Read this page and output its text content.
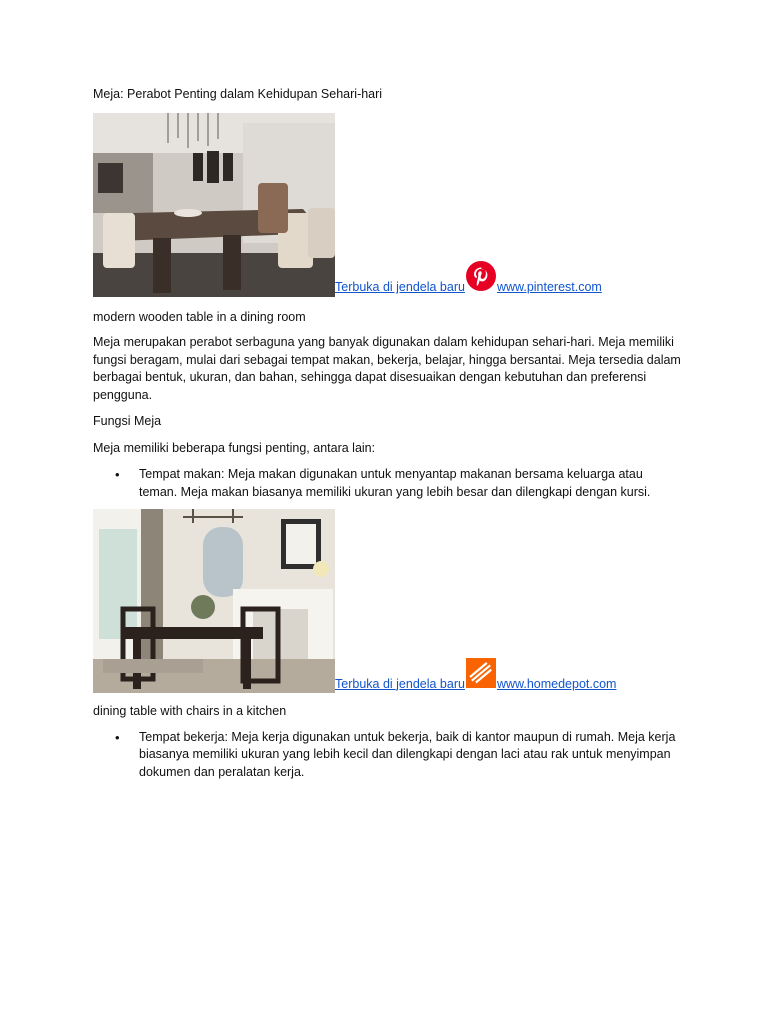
Meja: Perabot Penting dalam Kehidupan Sehari-hari

Terbuka di jendela baru	www.pinterest.com

modern wooden table in a dining room

Meja merupakan perabot serbaguna yang banyak digunakan dalam kehidupan sehari-hari. Meja memiliki fungsi beragam, mulai dari sebagai tempat makan, bekerja, belajar, hingga bersantai. Meja tersedia dalam berbagai bentuk, ukuran, dan bahan, sehingga dapat disesuaikan dengan kebutuhan dan preferensi pengguna.

Fungsi Meja

Meja memiliki beberapa fungsi penting, antara lain:

• Tempat makan: Meja makan digunakan untuk menyantap makanan bersama keluarga atau teman. Meja makan biasanya memiliki ukuran yang lebih besar dan dilengkapi dengan kursi.
Terbuka di jendela baru	www.homedepot.com

dining table with chairs in a kitchen

• Tempat bekerja: Meja kerja digunakan untuk bekerja, baik di kantor maupun di rumah. Meja kerja biasanya memiliki ukuran yang lebih kecil dan dilengkapi dengan laci atau rak untuk menyimpan dokumen dan peralatan kerja.
